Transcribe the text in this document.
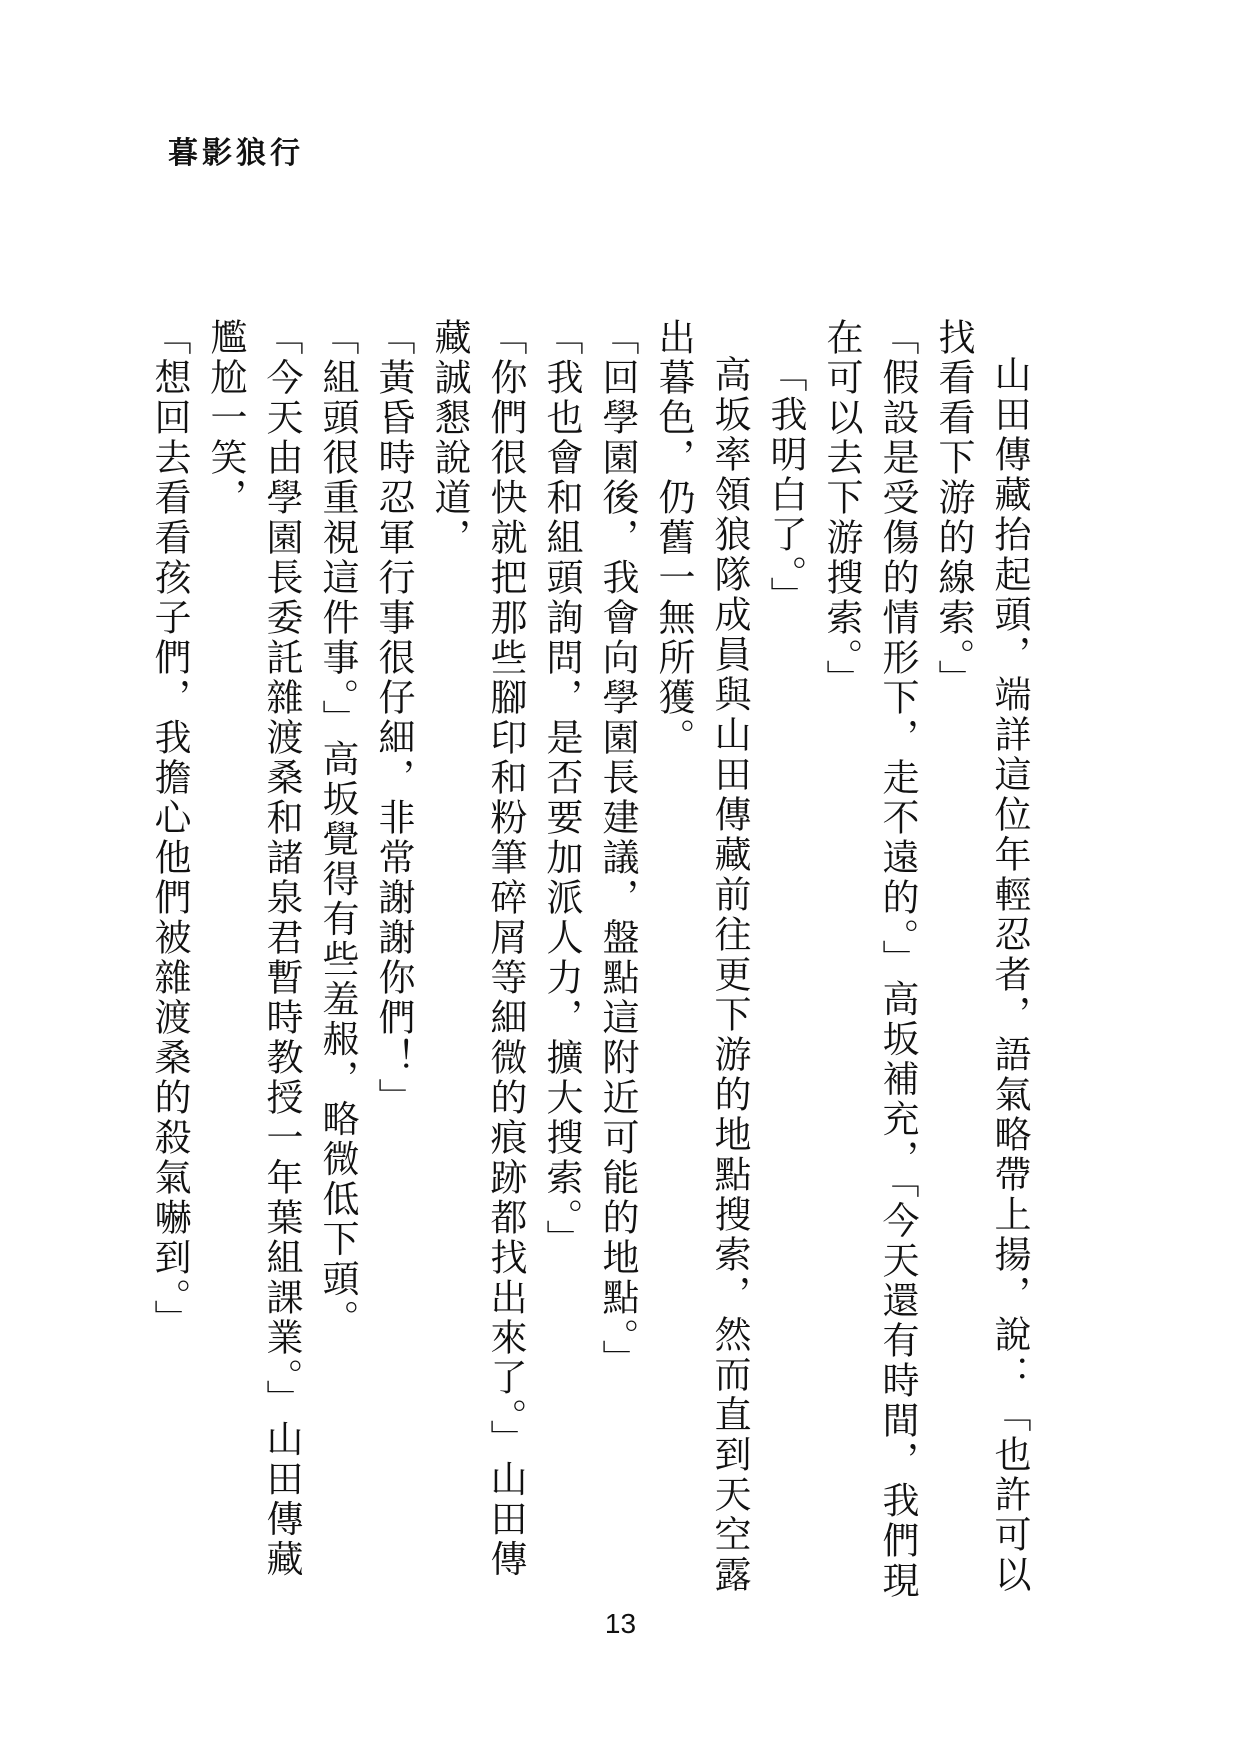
暮影狼行

山田傳藏抬起頭，端詳這位年輕忍者，語氣略帶上揚，說：「也許可以找看看下游的線索。」

「假設是受傷的情形下，走不遠的。」高坂補充，「今天還有時間，我們現在可以去下游搜索。」

「我明白了。」

高坂率領狼隊成員與山田傳藏前往更下游的地點搜索，然而直到天空露出暮色，仍舊一無所獲。

「回學園後，我會向學園長建議，盤點這附近可能的地點。」

「我也會和組頭詢問，是否要加派人力，擴大搜索。」

「你們很快就把那些腳印和粉筆碎屑等細微的痕跡都找出來了。」山田傳藏誠懇說道，

「黃昏時忍軍行事很仔細，非常謝謝你們！」

「組頭很重視這件事。」高坂覺得有些羞赧，略微低下頭。

「今天由學園長委託雜渡桑和諸泉君暫時教授一年葉組課業。」山田傳藏尷尬一笑，

「想回去看看孩子們，我擔心他們被雜渡桑的殺氣嚇到。」

13
